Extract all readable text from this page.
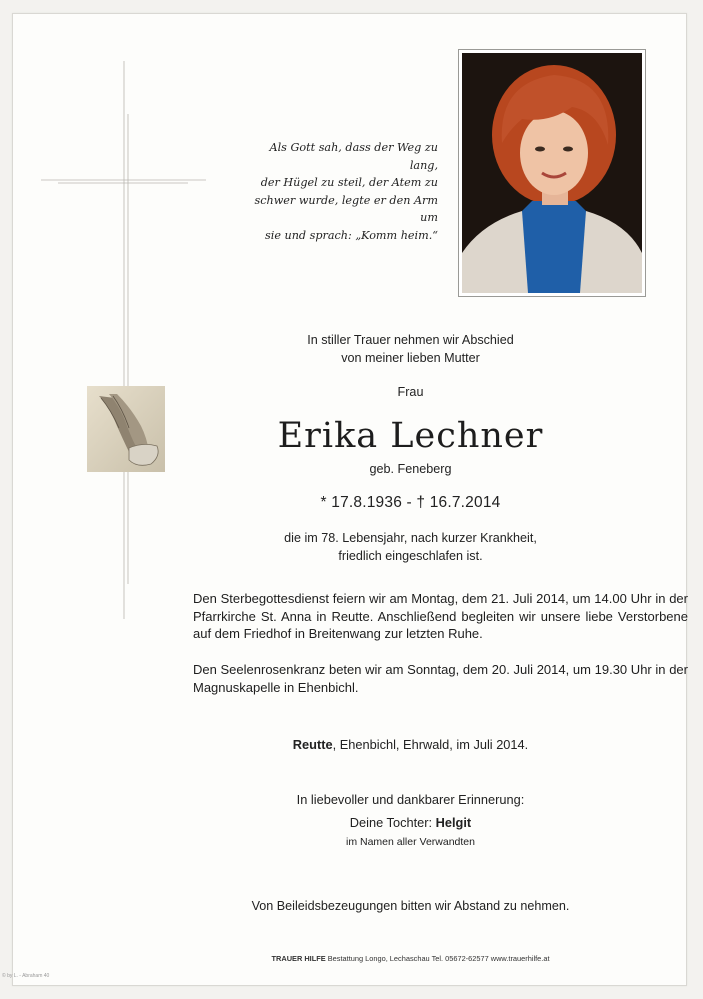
Als Gott sah, dass der Weg zu lang,
der Hügel zu steil, der Atem zu
schwer wurde, legte er den Arm um
sie und sprach: „Komm heim.“
In stiller Trauer nehmen wir Abschied
von meiner lieben Mutter
Frau
Erika Lechner
geb. Feneberg
* 17.8.1936 - † 16.7.2014
die im 78. Lebensjahr, nach kurzer Krankheit,
friedlich eingeschlafen ist.
Den Sterbegottesdienst feiern wir am Montag, dem 21. Juli 2014, um 14.00 Uhr in der Pfarrkirche St. Anna in Reutte. Anschließend begleiten wir unsere liebe Verstorbene auf dem Friedhof in Breitenwang zur letzten Ruhe.
Den Seelenrosenkranz beten wir am Sonntag, dem 20. Juli 2014, um 19.30 Uhr in der Magnuskapelle in Ehenbichl.
Reutte, Ehenbichl, Ehrwald, im Juli 2014.
In liebevoller und dankbarer Erinnerung:
Deine Tochter: Helgit
im Namen aller Verwandten
Von Beileidsbezeugungen bitten wir Abstand zu nehmen.
TRAUER HILFE Bestattung Longo, Lechaschau Tel. 05672-62577 www.trauerhilfe.at
© by L. - Abraham 40
